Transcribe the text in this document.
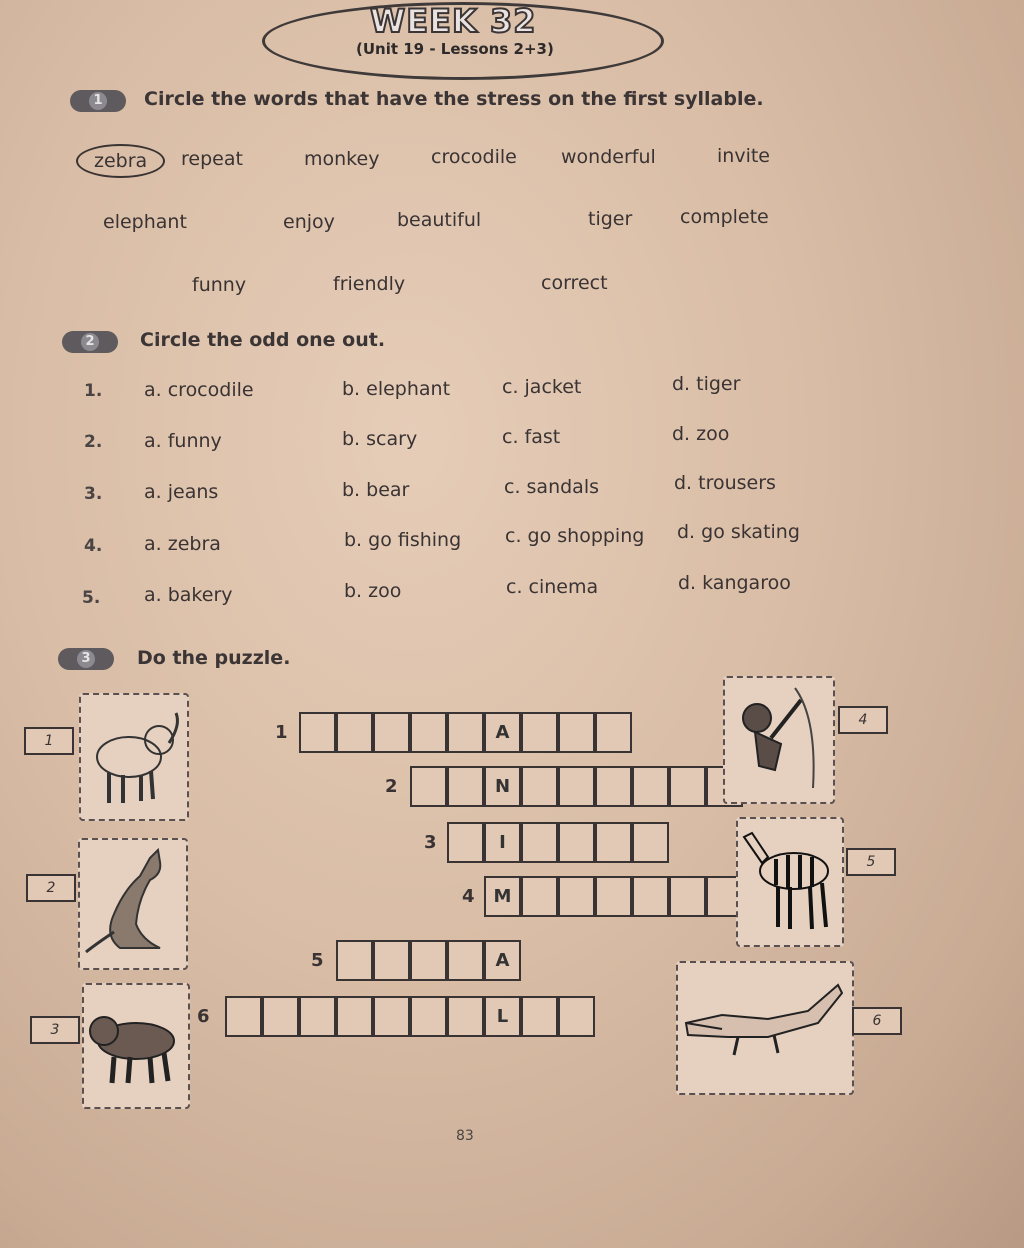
WEEK 32
(Unit 19 - Lessons 2+3)
1 Circle the words that have the stress on the first syllable.
zebra	repeat	monkey	crocodile wonderful	invite
elephant	enjoy	beautiful	tiger	complete
funny	friendly	correct
2 Circle the odd one out.
1. a. crocodile	b. elephant	c. jacket	d. tiger
2. a. funny	b. scary	c. fast	d. zoo
3. a. jeans	b. bear	c. sandals	d. trousers
4. a. zebra	b. go fishing c. go shopping d. go skating
5. a. bakery	b. zoo	c. cinema	d. kangaroo
3 Do the puzzle.
A
1
N
2
I
3
M
4
A
5
L
6
1
2
3
4
5
6
83
